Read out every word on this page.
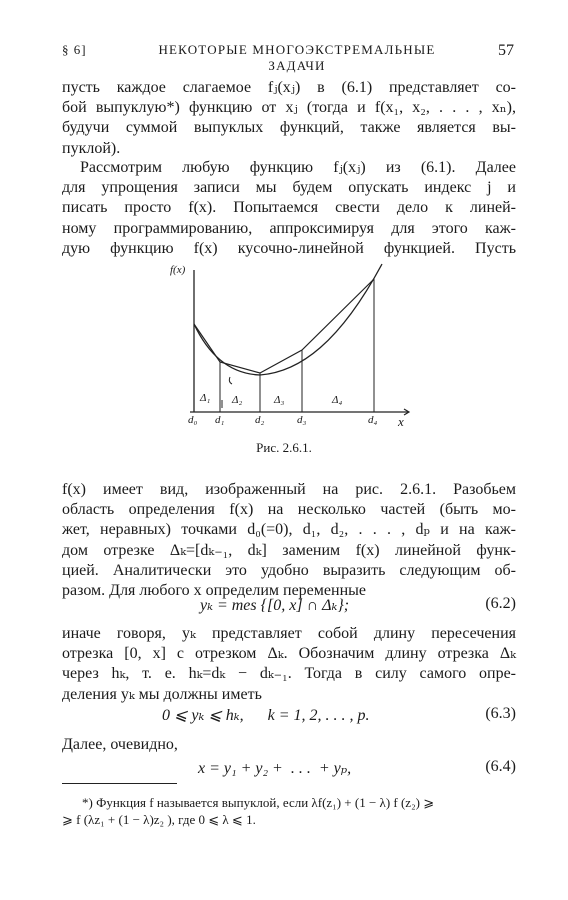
§ 6]	НЕКОТОРЫЕ МНОГОЭКСТРЕМАЛЬНЫЕ ЗАДАЧИ
57
пусть каждое слагаемое fⱼ(xⱼ) в (6.1) представляет со-
бой выпуклую*) функцию от xⱼ (тогда и f(x₁, x₂, . . . , xₙ),
будучи суммой выпуклых функций, также является вы-
пуклой).
Рассмотрим любую функцию fⱼ(xⱼ) из (6.1). Далее
для упрощения записи мы будем опускать индекс j и
писать просто f(x). Попытаемся свести дело к линей-
ному программированию, аппроксимируя для этого каж-
дую функцию f(x) кусочно-линейной функцией. Пусть
f(x)
x
Δ₁ Δ₂	Δ₃	Δ₄
d₀ d₁	d₂	d₃	d₄
Рис. 2.6.1.
f(x) имеет вид, изображенный на рис. 2.6.1. Разобьем
область определения f(x) на несколько частей (быть мо-
жет, неравных) точками d₀(=0), d₁, d₂, . . . , dₚ и на каж-
дом отрезке Δₖ=[dₖ₋₁, dₖ] заменим f(x) линейной функ-
цией. Аналитически это удобно выразить следующим об-
разом. Для любого x определим переменные
yₖ = mes {[0, x] ∩ Δₖ};	(6.2)
иначе говоря, yₖ представляет собой длину пересечения
отрезка [0, x] с отрезком Δₖ. Обозначим длину отрезка Δₖ
через hₖ, т. е. hₖ=dₖ − dₖ₋₁. Тогда в силу самого опре-
деления yₖ мы должны иметь
0 ⩽ yₖ ⩽ hₖ,      k = 1, 2, . . . , p.	(6.3)
Далее, очевидно,
x = y₁ + y₂ +  . . .  + yₚ,	(6.4)
*) Функция f называется выпуклой, если λf(z₁) + (1 − λ) f (z₂) ⩾
⩾ f (λz₁ + (1 − λ)z₂ ), где 0 ⩽ λ ⩽ 1.
